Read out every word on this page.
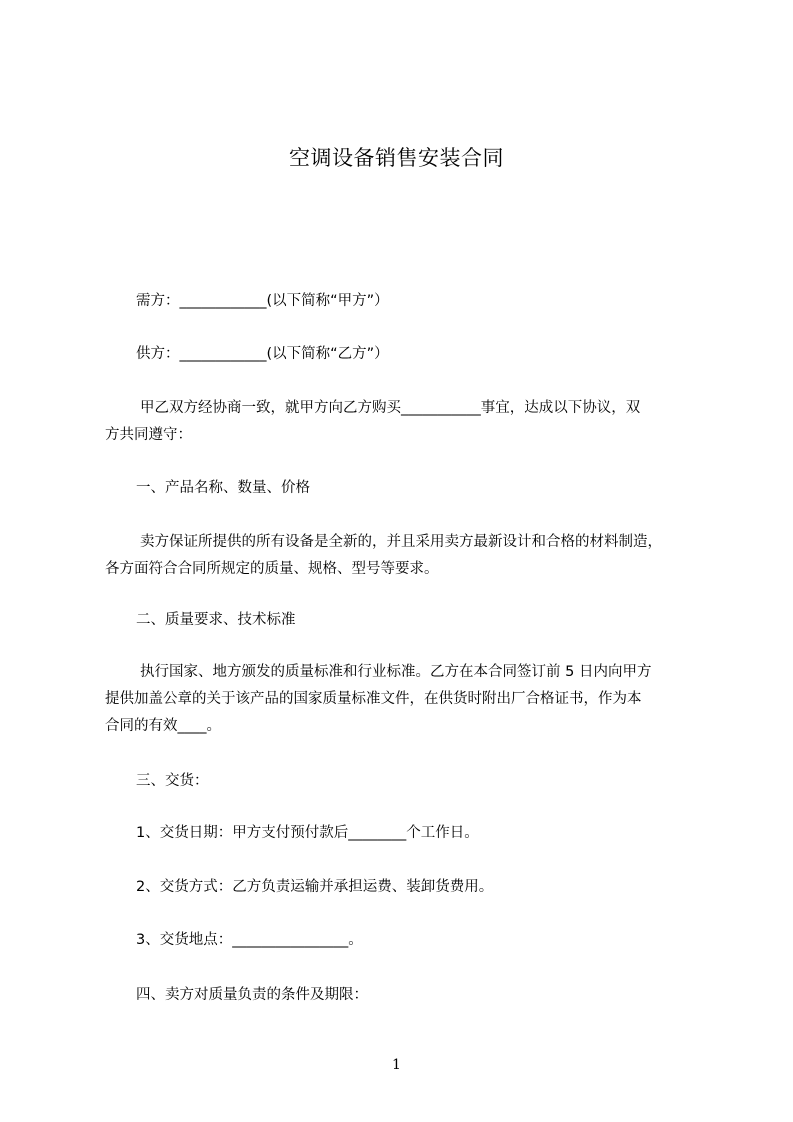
空调设备销售安装合同
需方：____________(以下简称“甲方”）
供方：____________(以下简称“乙方”）

甲乙双方经协商一致，就甲方向乙方购买___________事宜，达成以下协议，双

方共同遵守：

一、产品名称、数量、价格

卖方保证所提供的所有设备是全新的，并且采用卖方最新设计和合格的材料制造，

各方面符合合同所规定的质量、规格、型号等要求。

二、质量要求、技术标准

执行国家、地方颁发的质量标准和行业标准。乙方在本合同签订前 5 日内向甲方

提供加盖公章的关于该产品的国家质量标准文件，在供货时附出厂合格证书，作为本

合同的有效____。

三、交货：
1、交货日期：甲方支付预付款后________个工作日。
2、交货方式：乙方负责运输并承担运费、装卸货费用。
3、交货地点：________________。
四、卖方对质量负责的条件及期限：
1
